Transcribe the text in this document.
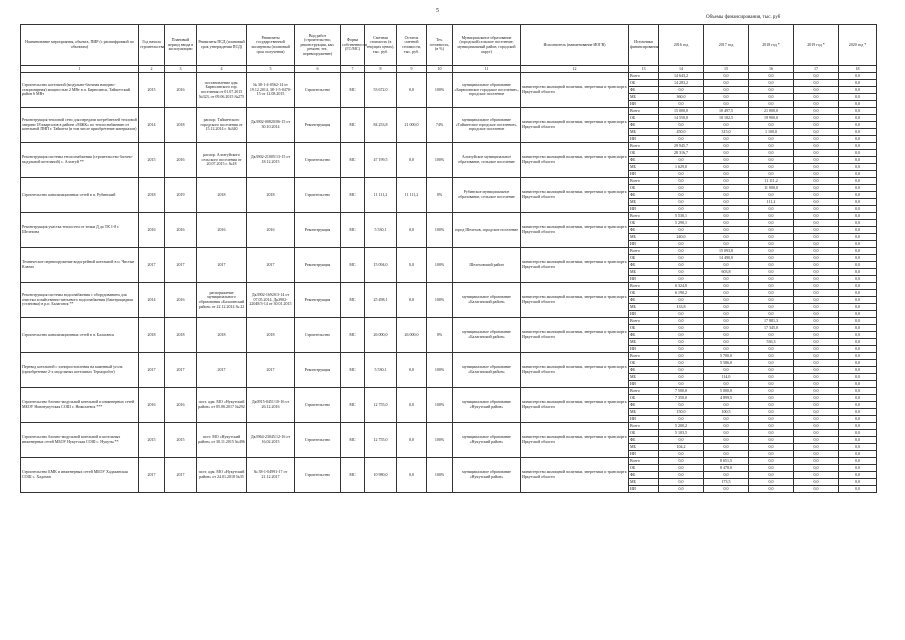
5
Объемы финансирования, тыс. руб
Наименование мероприятия, объекта, ПИР (с расшифровкой по объектам)	Год начала строительства	Плановый период ввода в эксплуатацию	Реквизиты ПСД (плановый срок утверждения ПСД)	Реквизиты государственной экспертизы (плановый срок получения)	Вид работ (строительство, реконструкция, кап. ремонт, тех. перевооружение)	Форма собственности (ГС/МС)	Сметная стоимость (в текущих ценах), тыс. руб.	Остаток сметной стоимости, тыс. руб.	Тех. готовность, (в %)	Муниципальное образование (городской/сельское поселение, муниципальный район, городской округ)	Исполнитель (наименование ИОГВ)	Источники финансирования	2016 год	2017 год	2018 год *	2019 год *	2020 год *
1	2	3	4	5	6	7	8	9	10	11	12	13	14	15	16	17	18
Строительство котельной (модульно-блочная напорно-стационарная) мощностью 2 МВт в п. Бирюсинск, Тайшетский район 6 МВт	2015	2016	постановление адм. Бирюсинского гор. поселения от 01.07.2015 №323, от 09.06.2015 №275	№ 38-1-4-0562-14 от 19.12.2014, 38-1-5-0470-15 от 12.08.2015	Строительство	МС	53 672,0	0,0	100%	муниципальное образование «Бирюсинское городское поселение», городское поселение	министерство жилищной политики, энергетики и транспорта Иркутской области	Всего	14 643,2	0,0	0,0	0,0	0,0
												ОБ	14 283,2	0,0	0,0	0,0	0,0
												ФБ	0,0	0,0	0,0	0,0	0,0
												МБ	360,0	0,0	0,0	0,0	0,0
												ИИ	0,0	0,0	0,0	0,0	0,0
Реконструкция тепловой сети для передачи потребителей тепловой энергии 18 кварталов в районе «МЖК» по теплоснабжению от котельной ПНП г. Тайшета (в том числе приобретение материалов)	2014	2018	распор. Тайшетского городского поселения от 15.12.2014 г. №340	Дк3902-00820/06-15 от 30.10.2014	Реконструкция	МС	84 253,8	21 000,0	74%	муниципальное образование «Тайшетское городское поселение», городское поселение	министерство жилищной политики, энергетики и транспорта Иркутской области	Всего	15 000,0	10 497,5	21 000,0	0,0	0,0
												ОБ	14 550,0	10 182,5	19 900,0	0,0	0,0
												ФБ	0,0	0,0	0,0	0,0	0,0
												МБ	450,0	315,0	1 100,0	0,0	0,0
												ИИ	0,0	0,0	0,0	0,0	0,0
Реконструкция системы теплоснабжения (строительство блочно-модульной котельной) с. Алгатуй **	2015	2016	распор. Алгатуйского сельского поселения от 20.07.2015 г. №18	Дк3902-21005/13-15 от 18.12.2015	Строительство	МС	47 199,5	0,0	100%	Алгатуйское муниципальное образование, сельское поселение	министерство жилищной политики, энергетики и транспорта Иркутской области	Всего	29 945,7	0,0	0,0	0,0	0,0
												ОБ	28 316,7	0,0	0,0	0,0	0,0
												ФБ	0,0	0,0	0,0	0,0	0,0
												МБ	1 629,0	0,0	0,0	0,0	0,0
												ИИ	0,0	0,0	0,0	0,0	0,0
Строительство канализационных сетей в п. Рубинский	2018	2019	2018	2018	Строительство	МС	11 111,2	11 111,2	0%	Рубинское муниципальное образование, сельское поселение	министерство жилищной политики, энергетики и транспорта Иркутской области	Всего	0,0	0,0	11 111,2	0,0	0,0
												ОБ	0,0	0,0	11 000,0	0,0	0,0
												ФБ	0,0	0,0	0,0	0,0	0,0
												МБ	0,0	0,0	111,2	0,0	0,0
												ИИ	0,0	0,0	0,0	0,0	0,0
Реконструкция участка теплосети от точки Д до ТК 1-8 г. Шелехова	2016	2016	2016	2016	Реконструкция	МС	5 530,1	0,0	100%	город Шелехов, городское поселение	министерство жилищной политики, энергетики и транспорта Иркутской области	Всего	5 530,1	0,0	0,0	0,0	0,0
												ОБ	5 290,1	0,0	0,0	0,0	0,0
												ФБ	0,0	0,0	0,0	0,0	0,0
												МБ	240,0	0,0	0,0	0,0	0,0
												ИИ	0,0	0,0	0,0	0,0	0,0
Техническое перевооружение водогрейной котельной в п. Чистые Ключи	2017	2017	2017	2017	Реконструкция	МС	15 094,0	0,0	100%	Шелеховский район	министерство жилищной политики, энергетики и транспорта Иркутской области	Всего	0,0	15 093,8	0,0	0,0	0,0
												ОБ	0,0	14 490,0	0,0	0,0	0,0
												ФБ	0,0	0,0	0,0	0,0	0,0
												МБ	0,0	603,8	0,0	0,0	0,0
												ИИ	0,0	0,0	0,0	0,0	0,0
Реконструкция системы водоснабжения с оборудованием для очистки хозяйственно-питьевого водоснабжения (бактерицидная установка) в р.п. Балаганск **	2014	2016	распоряжение муниципального образования «Балаганский район» от 22.12.2014 № 22	Дк3902-16920/3-14 от 07.05.2014, Дк3902-22048/3-14 от 30.01.2015	Реконструкция	МС	25 498,1	0,0	100%	муниципальное образование «Балаганский район»	министерство жилищной политики, энергетики и транспорта Иркутской области	Всего	6 324,0	0,0	0,0	0,0	0,0
												ОБ	6 190,2	0,0	0,0	0,0	0,0
												ФБ	0,0	0,0	0,0	0,0	0,0
												МБ	133,8	0,0	0,0	0,0	0,0
												ИИ	0,0	0,0	0,0	0,0	0,0
Строительство канализационных сетей в п. Балаганск	2018	2018	2018	2018	Строительство	МС	26 000,0	26 000,0	0%	муниципальное образование «Балаганский район»	министерство жилищной политики, энергетики и транспорта Иркутской области	Всего	0,0	0,0	17 881,3	0,0	0,0
												ОБ	0,0	0,0	17 345,0	0,0	0,0
												ФБ	0,0	0,0	0,0	0,0	0,0
												МБ	0,0	0,0	536,3	0,0	0,0
												ИИ	0,0	0,0	0,0	0,0	0,0
Перевод котельной с электроотопления на каменный уголь (приобретение 2-х модульных котельных Терморобот)	2017	2017	2017	2017	Реконструкция	МС	5 530,1	0,0	100%	муниципальное образование «Балаганский район»	министерство жилищной политики, энергетики и транспорта Иркутской области	Всего	0,0	5 700,0	0,0	0,0	0,0
												ОБ	0,0	5 586,0	0,0	0,0	0,0
												ФБ	0,0	0,0	0,0	0,0	0,0
												МБ	0,0	114,0	0,0	0,0	0,0
												ИИ	0,0	0,0	0,0	0,0	0,0
Строительство блочно-модульной котельной и инженерных сетей МБОУ Новонукутская СОШ с. Николаевск ***	2016	2016	пост. адм. МО «Нукутский район» от 05.06.2017 №292	Дк0915-0451/10-16 от 26.12.2016	Строительство	МС	12 755,0	0,0	100%	муниципальное образование «Нукутский район»	министерство жилищной политики, энергетики и транспорта Иркутской области	Всего	7 500,0	5 000,0	0,0	0,0	0,0
												ОБ	7 350,0	4 899,5	0,0	0,0	0,0
												ФБ	0,0	0,0	0,0	0,0	0,0
												МБ	150,0	100,5	0,0	0,0	0,0
												ИИ	0,0	0,0	0,0	0,0	0,0
Строительство блочно-модульной котельной и котельных инженерных сетей МБОУ Нукутская СОШ с. Нукуты **	2015	2015	пост. МО «Нукутский район» от 30.11.2015 №496	Дк3964-23045/12-16 от 16.02.2015	Строительство	МС	12 755,0	0,0	100%	муниципальное образование «Нукутский район»	министерство жилищной политики, энергетики и транспорта Иркутской области	Всего	5 200,2	0,0	0,0	0,0	0,0
												ОБ	5 103,5	0,0	0,0	0,0	0,0
												ФБ	0,0	0,0	0,0	0,0	0,0
												МБ	104,2	0,0	0,0	0,0	0,0
												ИИ	0,0	0,0	0,0	0,0	0,0
Строительство БМК и инженерных сетей МБОУ Хадаханская СОШ с. Хадахан	2017	2017	пост. адм. МО «Нукутский район» от 24.01.2018 №35	№ 38-1-04991-17 от 21.12.2017	Строительство	МС	10 980,0	0,0	100%	муниципальное образование «Нукутский район»	министерство жилищной политики, энергетики и транспорта Иркутской области	Всего	0,0	8 651,5	0,0	0,0	0,0
												ОБ	0,0	8 478,0	0,0	0,0	0,0
												ФБ	0,0	0,0	0,0	0,0	0,0
												МБ	0,0	173,5	0,0	0,0	0,0
												ИИ	0,0	0,0	0,0	0,0	0,0
